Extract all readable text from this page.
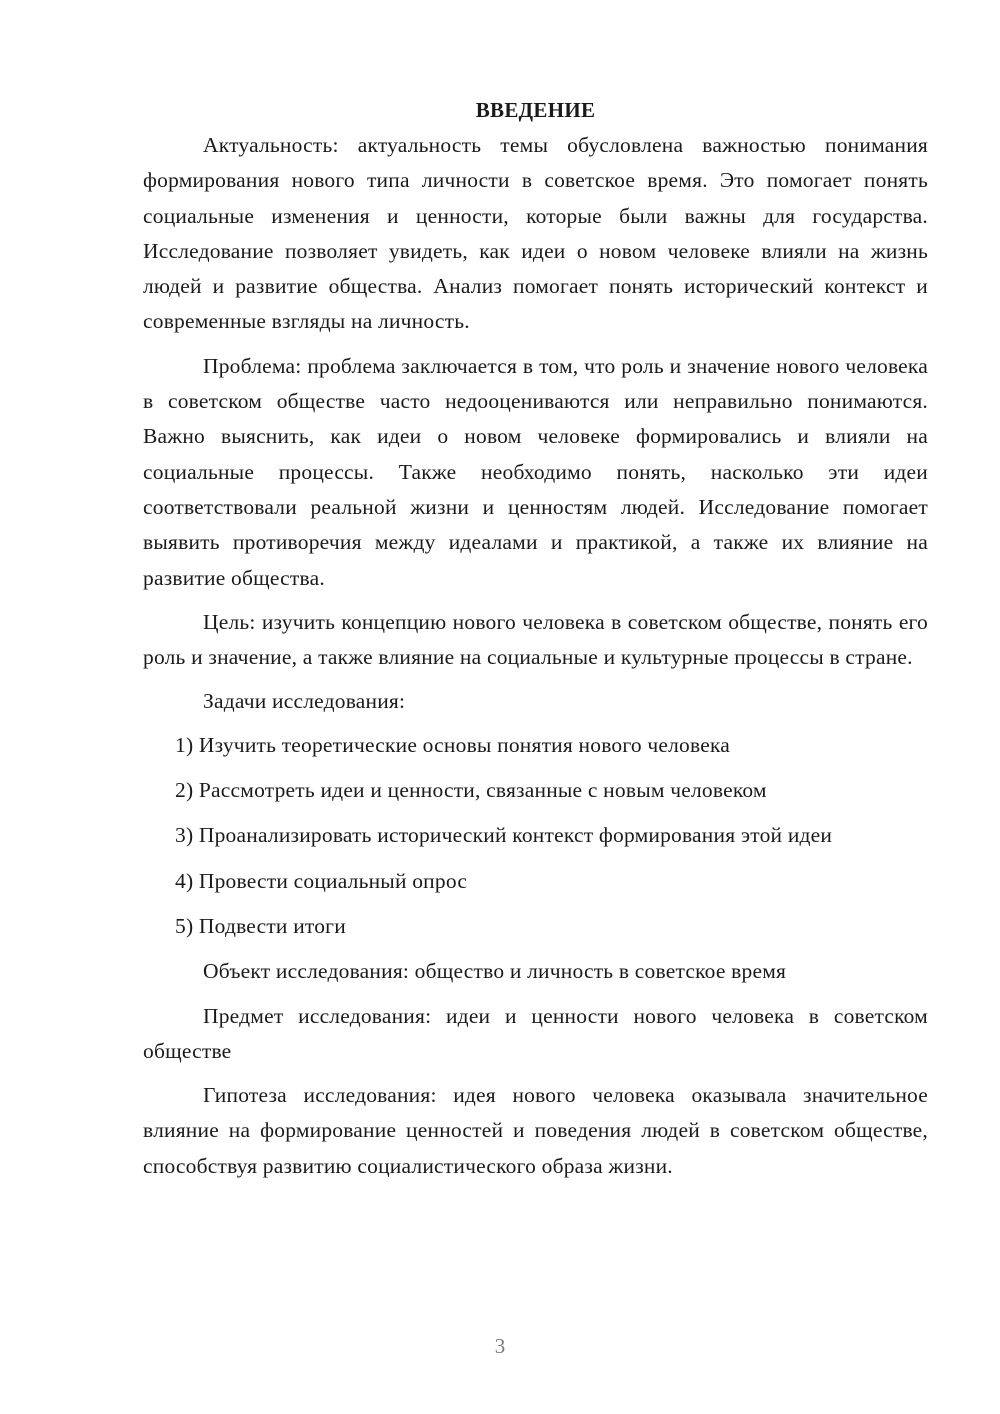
ВВЕДЕНИЕ

Актуальность: актуальность темы обусловлена важностью понимания формирования нового типа личности в советское время. Это помогает понять социальные изменения и ценности, которые были важны для государства. Исследование позволяет увидеть, как идеи о новом человеке влияли на жизнь людей и развитие общества. Анализ помогает понять исторический контекст и современные взгляды на личность.

Проблема: проблема заключается в том, что роль и значение нового человека в советском обществе часто недооцениваются или неправильно понимаются. Важно выяснить, как идеи о новом человеке формировались и влияли на социальные процессы. Также необходимо понять, насколько эти идеи соответствовали реальной жизни и ценностям людей. Исследование помогает выявить противоречия между идеалами и практикой, а также их влияние на развитие общества.

Цель: изучить концепцию нового человека в советском обществе, понять его роль и значение, а также влияние на социальные и культурные процессы в стране.

Задачи исследования:

1) Изучить теоретические основы понятия нового человека
2) Рассмотреть идеи и ценности, связанные с новым человеком
3) Проанализировать исторический контекст формирования этой идеи
4) Провести социальный опрос
5) Подвести итоги

Объект исследования: общество и личность в советское время

Предмет исследования: идеи и ценности нового человека в советском обществе

Гипотеза исследования: идея нового человека оказывала значительное влияние на формирование ценностей и поведения людей в советском обществе, способствуя развитию социалистического образа жизни.

3
